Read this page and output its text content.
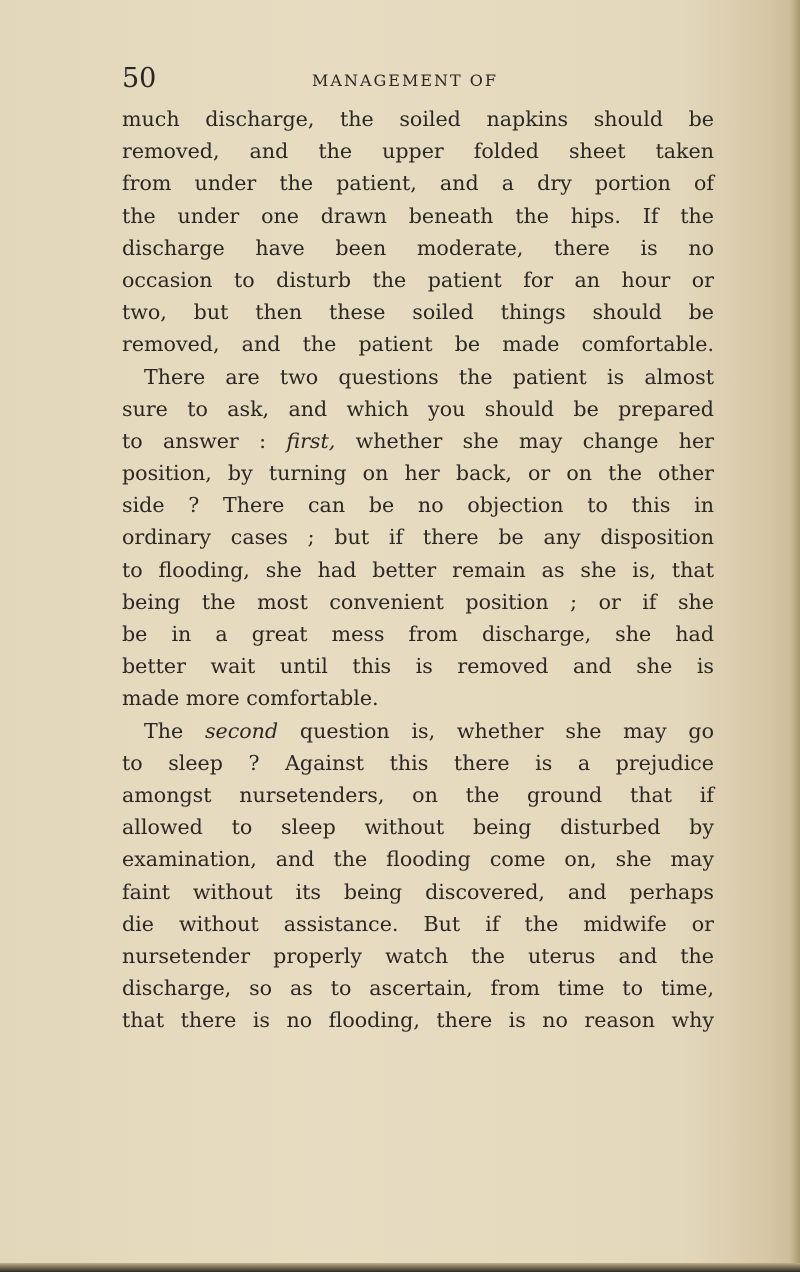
50	MANAGEMENT OF
much discharge, the soiled napkins should be
removed, and the upper folded sheet taken
from under the patient, and a dry portion of
the under one drawn beneath the hips. If the
discharge have been moderate, there is no
occasion to disturb the patient for an hour or
two, but then these soiled things should be
removed, and the patient be made comfortable.
There are two questions the patient is almost
sure to ask, and which you should be prepared
to answer : first, whether she may change her
position, by turning on her back, or on the other
side ? There can be no objection to this in
ordinary cases ; but if there be any disposition
to flooding, she had better remain as she is, that
being the most convenient position ; or if she
be in a great mess from discharge, she had
better wait until this is removed and she is
made more comfortable.
The second question is, whether she may go
to sleep ? Against this there is a prejudice
amongst nursetenders, on the ground that if
allowed to sleep without being disturbed by
examination, and the flooding come on, she may
faint without its being discovered, and perhaps
die without assistance. But if the midwife or
nursetender properly watch the uterus and the
discharge, so as to ascertain, from time to time,
that there is no flooding, there is no reason why
